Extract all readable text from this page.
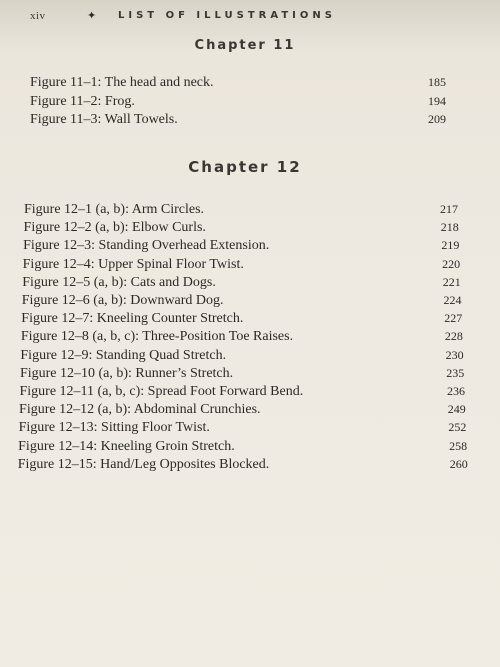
xiv	✦ LIST OF ILLUSTRATIONS
Chapter 11
Figure 11–1: The head and neck.	185
Figure 11–2: Frog.	194
Figure 11–3: Wall Towels.	209
Chapter 12
Figure 12–1 (a, b): Arm Circles.	217
Figure 12–2 (a, b): Elbow Curls.	218
Figure 12–3: Standing Overhead Extension.	219
Figure 12–4: Upper Spinal Floor Twist.	220
Figure 12–5 (a, b): Cats and Dogs.	221
Figure 12–6 (a, b): Downward Dog.	224
Figure 12–7: Kneeling Counter Stretch.	227
Figure 12–8 (a, b, c): Three-Position Toe Raises.	228
Figure 12–9: Standing Quad Stretch.	230
Figure 12–10 (a, b): Runner’s Stretch.	235
Figure 12–11 (a, b, c): Spread Foot Forward Bend.	236
Figure 12–12 (a, b): Abdominal Crunchies.	249
Figure 12–13: Sitting Floor Twist.	252
Figure 12–14: Kneeling Groin Stretch.	258
Figure 12–15: Hand/Leg Opposites Blocked.	260
